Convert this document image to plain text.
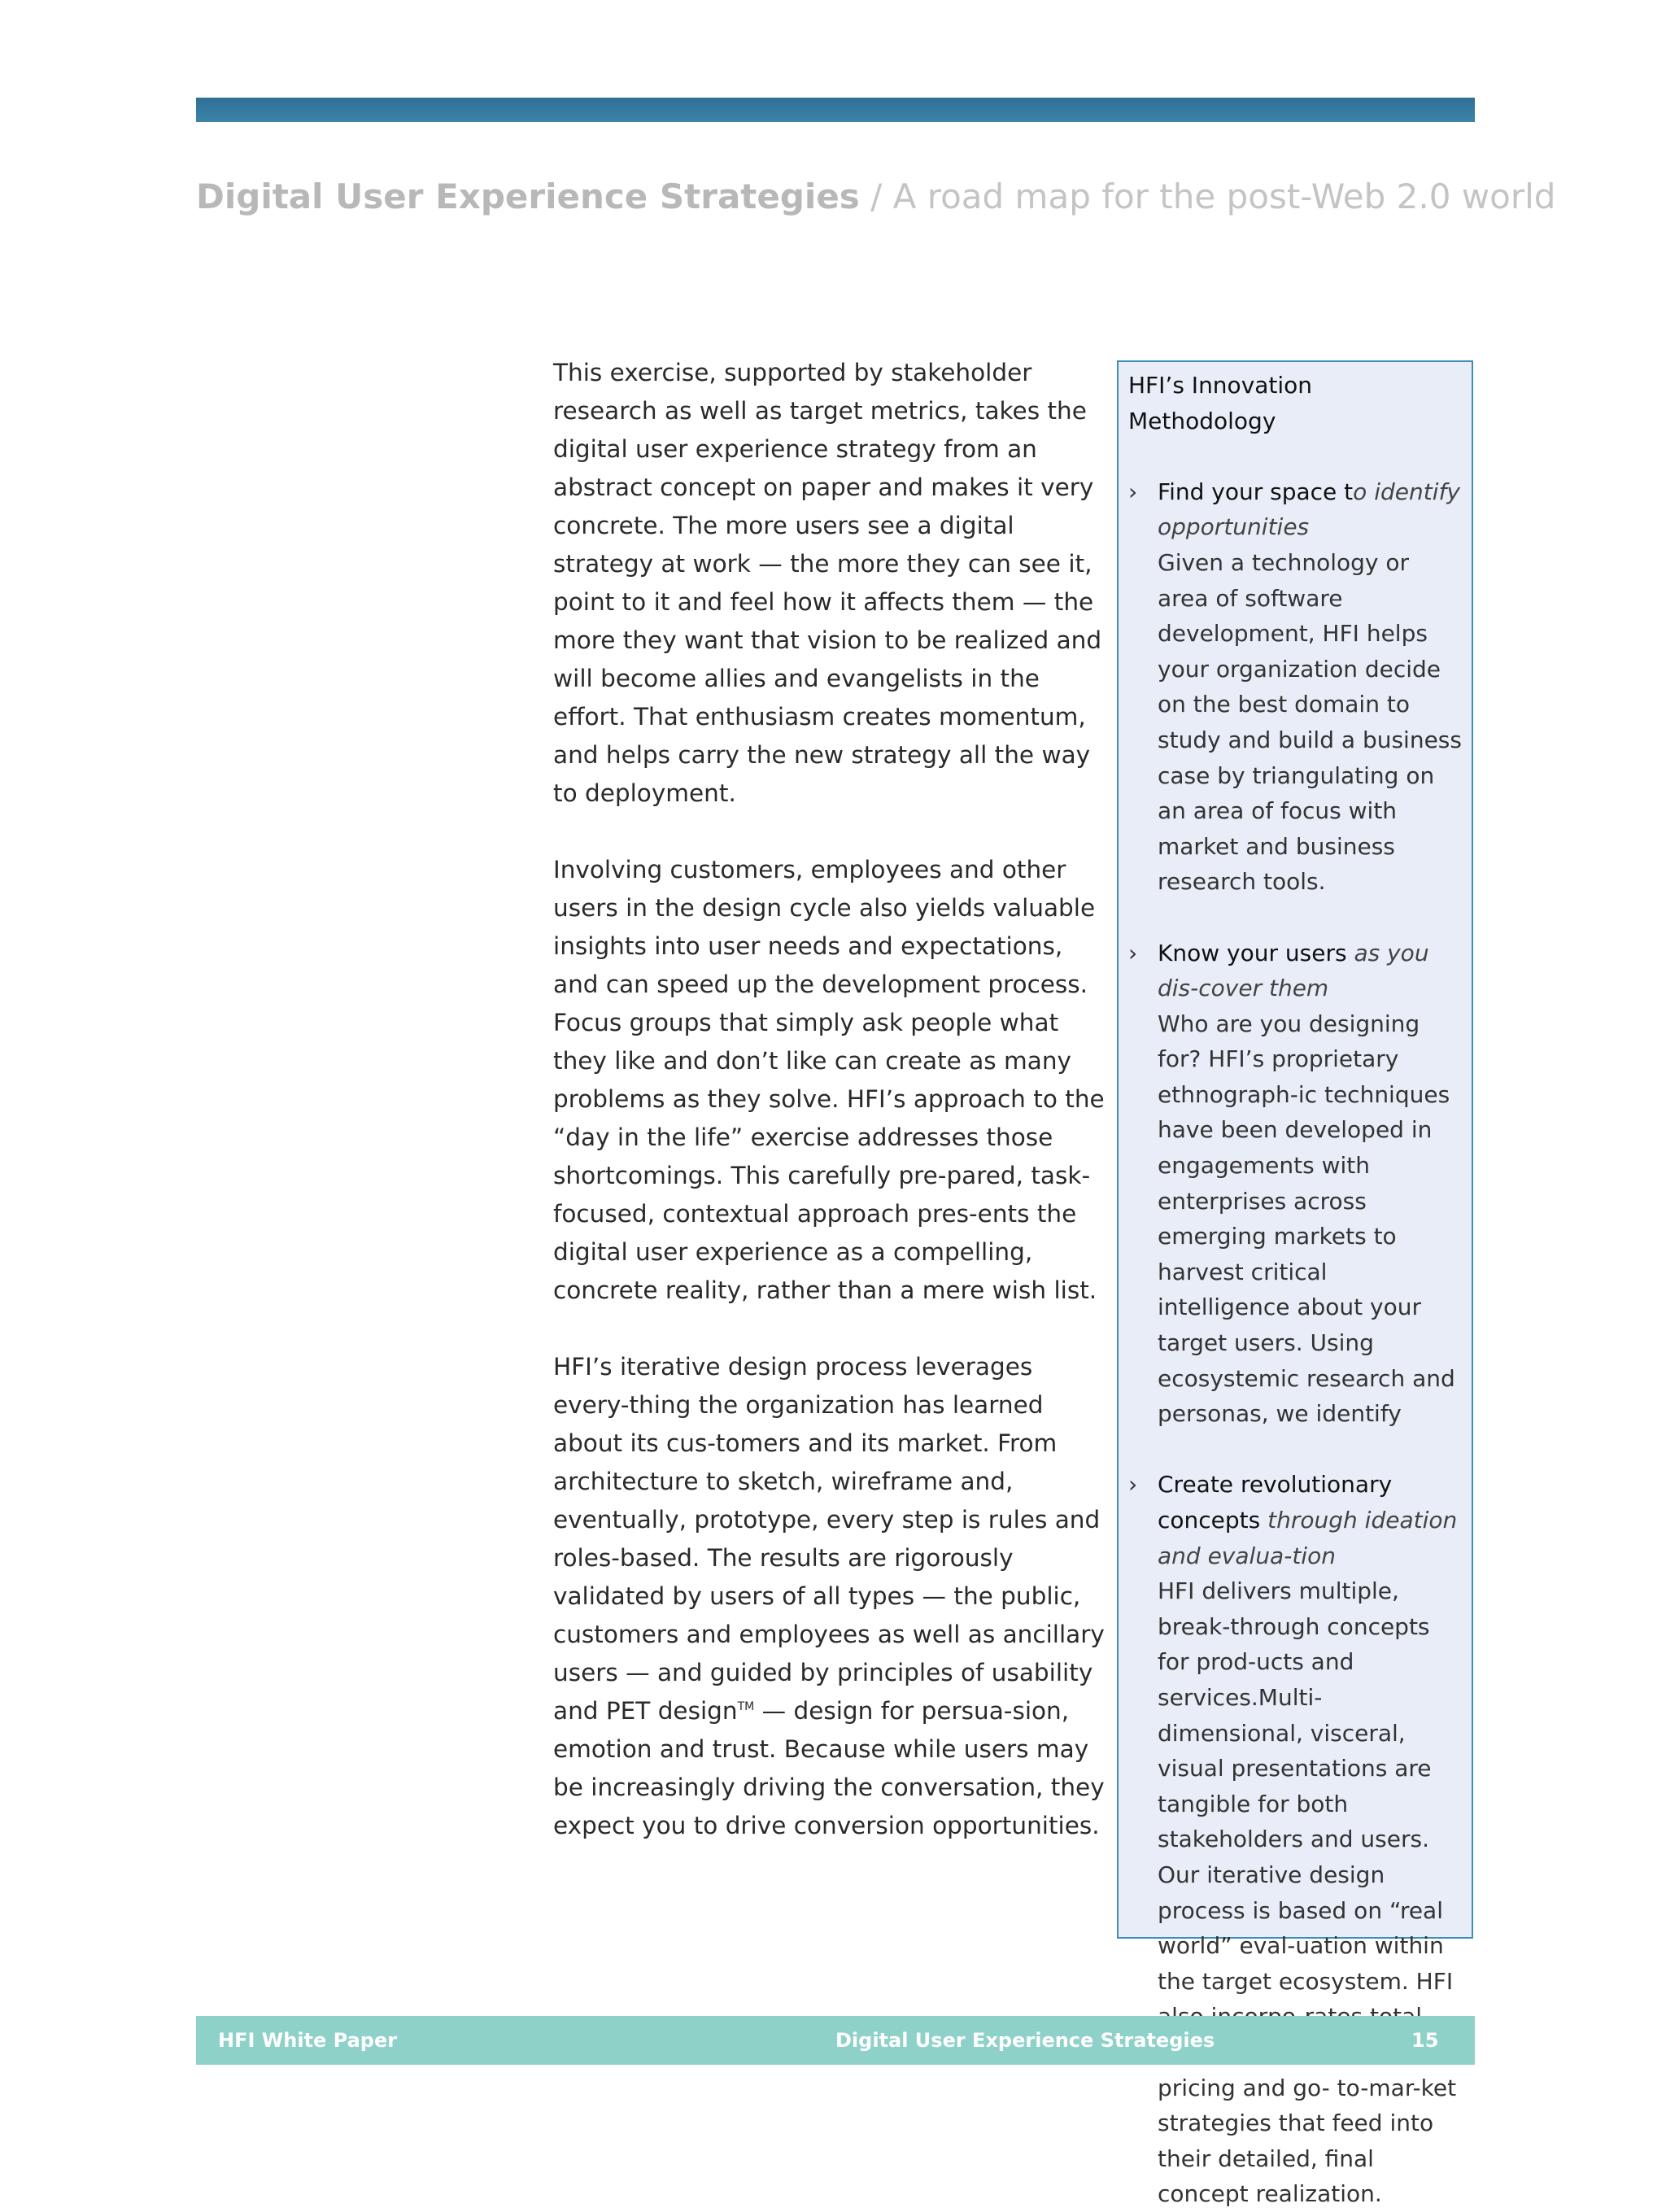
Digital User Experience Strategies / A road map for the post-Web 2.0 world

This exercise, supported by stakeholder research as well as target metrics, takes the digital user experience strategy from an abstract concept on paper and makes it very concrete. The more users see a digital strategy at work — the more they can see it, point to it and feel how it affects them — the more they want that vision to be realized and will become allies and evangelists in the effort. That enthusiasm creates momentum, and helps carry the new strategy all the way to deployment.

Involving customers, employees and other users in the design cycle also yields valuable insights into user needs and expectations, and can speed up the development process. Focus groups that simply ask people what they like and don’t like can create as many problems as they solve. HFI’s approach to the “day in the life” exercise addresses those shortcomings. This carefully pre-pared, task-focused, contextual approach pres-ents the digital user experience as a compelling, concrete reality, rather than a mere wish list.

HFI’s iterative design process leverages every-thing the organization has learned about its cus-tomers and its market. From architecture to sketch, wireframe and, eventually, prototype, every step is rules and roles-based. The results are rigorously validated by users of all types — the public, customers and employees as well as ancillary users — and guided by principles of usability and PET design™ — design for persua-sion, emotion and trust. Because while users may be increasingly driving the conversation, they expect you to drive conversion opportunities.

HFI’s Innovation Methodology
› Find your space to identify opportunities
Given a technology or area of software development, HFI helps your organization decide on the best domain to study and build a business case by triangulating on an area of focus with market and business research tools.
› Know your users as you dis-cover them
Who are you designing for? HFI’s proprietary ethnograph-ic techniques have been developed in engagements with enterprises across emerging markets to harvest critical intelligence about your target users. Using ecosystemic research and personas, we identify
› Create revolutionary concepts through ideation and evalua-tion
HFI delivers multiple, break-through concepts for prod-ucts and services.Multi-dimensional, visceral, visual presentations are tangible for both stakeholders and users. Our iterative design process is based on “real world” eval-uation within the target ecosystem. HFI pricing and go- to-mar-ket strategies that feed into their detailed, final concept realization.
HFI White Paper	Digital User Experience Strategies	15
